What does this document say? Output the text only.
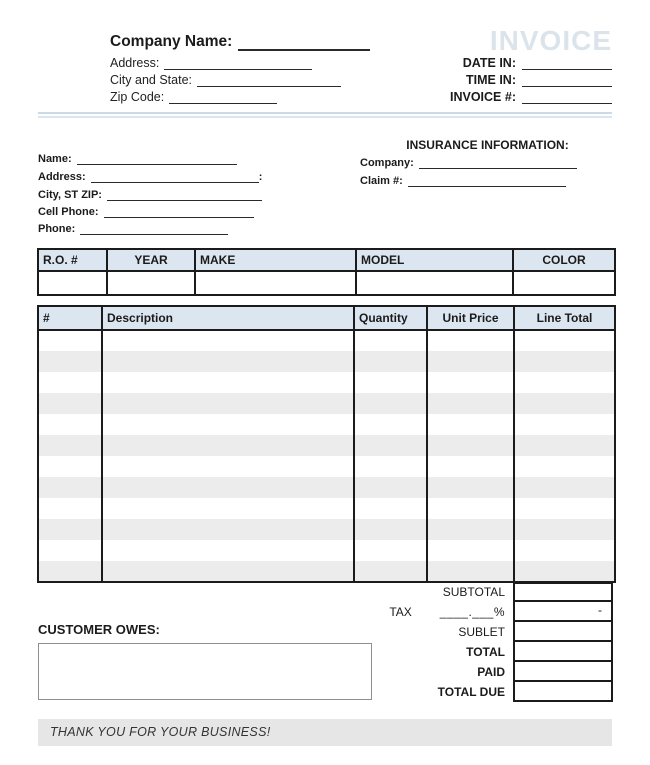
Company Name:
Address:
City and State:
Zip Code:
INVOICE
DATE IN:
TIME IN:
INVOICE #:
Name:
Address:	:
City, ST ZIP:
Cell Phone:
Phone:
INSURANCE INFORMATION:
Company:
Claim #:
R.O. #	YEAR	MAKE	MODEL	COLOR

#	Description	Quantity	Unit Price	Line Total

SUBTOTAL
TAX ____.___%	-
SUBLET
TOTAL
PAID
TOTAL DUE
CUSTOMER OWES:
THANK YOU FOR YOUR BUSINESS!
